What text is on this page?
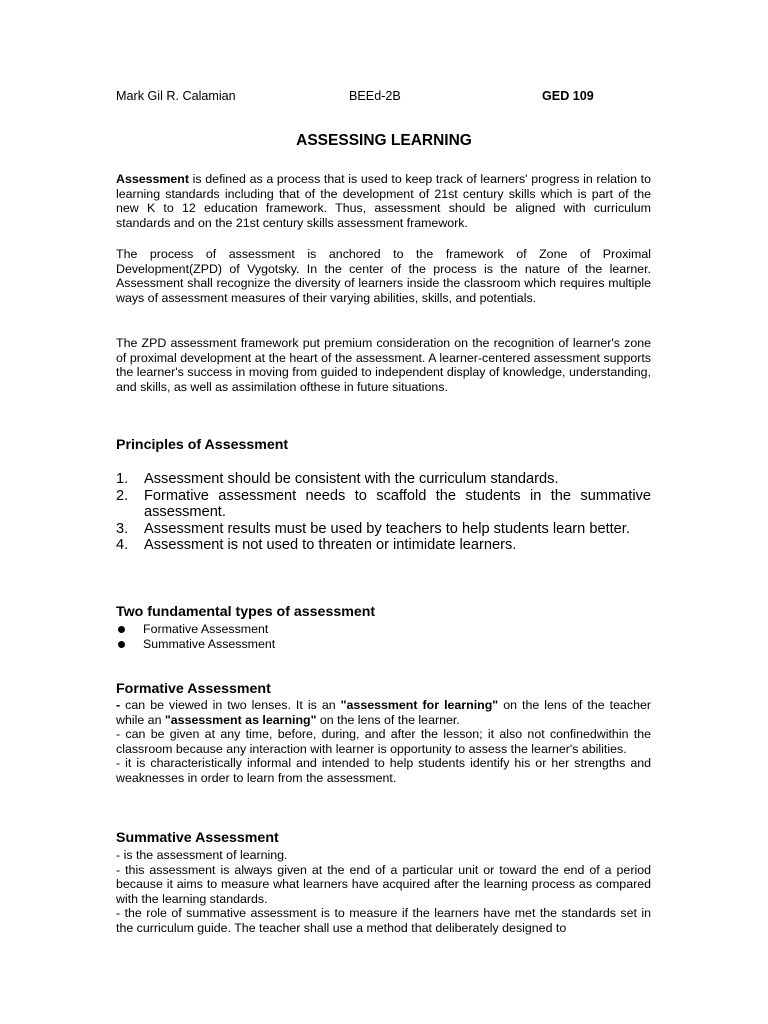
Mark Gil R. Calamian	BEEd-2B	GED 109
ASSESSING LEARNING

Assessment is defined as a process that is used to keep track of learners' progress in relation to learning standards including that of the development of 21st century skills which is part of the new K to 12 education framework. Thus, assessment should be aligned with curriculum standards and on the 21st century skills assessment framework.

The process of assessment is anchored to the framework of Zone of Proximal Development(ZPD) of Vygotsky. In the center of the process is the nature of the learner. Assessment shall recognize the diversity of learners inside the classroom which requires multiple ways of assessment measures of their varying abilities, skills, and potentials.

The ZPD assessment framework put premium consideration on the recognition of learner's zone of proximal development at the heart of the assessment. A learner-centered assessment supports the learner's success in moving from guided to independent display of knowledge, understanding, and skills, as well as assimilation ofthese in future situations.

Principles of Assessment
1.	Assessment should be consistent with the curriculum standards.
2.	Formative assessment needs to scaffold the students in the summative assessment.
3.	Assessment results must be used by teachers to help students learn better.
4.	Assessment is not used to threaten or intimidate learners.
Two fundamental types of assessment
Formative Assessment
Summative Assessment
Formative Assessment

- can be viewed in two lenses. It is an "assessment for learning" on the lens of the teacher while an "assessment as learning" on the lens of the learner.

- can be given at any time, before, during, and after the lesson; it also not confinedwithin the classroom because any interaction with learner is opportunity to assess the learner's abilities.

- it is characteristically informal and intended to help students identify his or her strengths and weaknesses in order to learn from the assessment.

Summative Assessment

- is the assessment of learning.

- this assessment is always given at the end of a particular unit or toward the end of a period because it aims to measure what learners have acquired after the learning process as compared with the learning standards.

- the role of summative assessment is to measure if the learners have met the standards set in the curriculum guide. The teacher shall use a method that deliberately designed to
